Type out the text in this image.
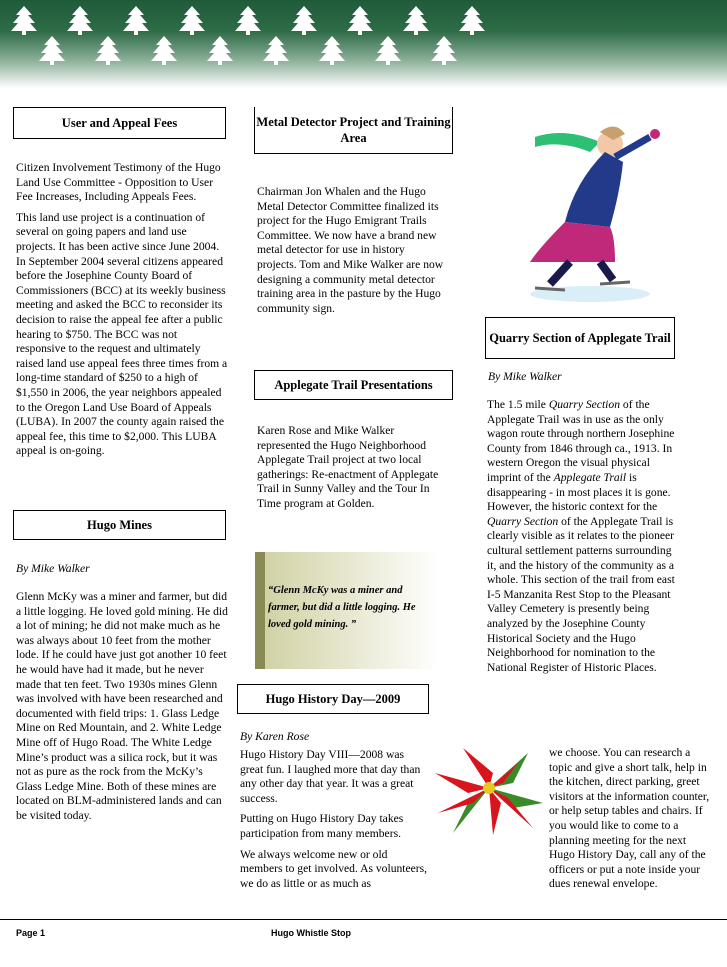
User and Appeal Fees

Citizen Involvement Testimony of the Hugo Land Use Committee - Opposition to User Fee Increases, Including Appeals Fees.

This land use project is a continuation of several on going papers and land use projects. It has been active since June 2004. In September 2004 several citizens appeared before the Josephine County Board of Commissioners (BCC) at its weekly business meeting and asked the BCC to reconsider its decision to raise the appeal fee after a public hearing to $750. The BCC was not responsive to the request and ultimately raised land use appeal fees three times from a long-time standard of $250 to a high of $1,550 in 2006, the year neighbors appealed to the Oregon Land Use Board of Appeals (LUBA). In 2007 the county again raised the appeal fee, this time to $2,000. This LUBA appeal is on-going.

Hugo Mines
By Mike Walker

Glenn McKy was a miner and farmer, but did a little logging. He loved gold mining. He did a lot of mining; he did not make much as he was always about 10 feet from the mother lode. If he could have just got another 10 feet he would have had it made, but he never made that ten feet. Two 1930s mines Glenn was involved with have been researched and documented with field trips: 1. Glass Ledge Mine on Red Mountain, and 2. White Ledge Mine off of Hugo Road. The White Ledge Mine’s product was a silica rock, but it was not as pure as the rock from the McKy’s Glass Ledge Mine. Both of these mines are located on BLM-administered lands and can be visited today.

Metal Detector Project and Training Area

Chairman Jon Whalen and the Hugo Metal Detector Committee finalized its project for the Hugo Emigrant Trails Committee. We now have a brand new metal detector for use in history projects. Tom and Mike Walker are now designing a community metal detector training area in the pasture by the Hugo community sign.

Applegate Trail Presentations

Karen Rose and Mike Walker represented the Hugo Neighborhood Applegate Trail project at two local gatherings: Re-enactment of Applegate Trail in Sunny Valley and the Tour In Time program at Golden.

“Glenn McKy was a miner and farmer, but did a little logging. He loved gold mining. ”
Hugo History Day—2009
By Karen Rose

Hugo History Day VIII—2008 was great fun. I laughed more that day than any other day that year. It was a great success.

Putting on Hugo History Day takes participation from many members.

We always welcome new or old members to get involved. As volunteers, we do as little or as much as

Quarry Section of Applegate Trail
By Mike Walker

The 1.5 mile Quarry Section of the Applegate Trail was in use as the only wagon route through northern Josephine County from 1846 through ca., 1913. In western Oregon the visual physical imprint of the Applegate Trail is disappearing - in most places it is gone. However, the historic context for the Quarry Section of the Applegate Trail is clearly visible as it relates to the pioneer cultural settlement patterns surrounding it, and the history of the community as a whole. This section of the trail from east I-5 Manzanita Rest Stop to the Pleasant Valley Cemetery is presently being analyzed by the Josephine County Historical Society and the Hugo Neighborhood for nomination to the National Register of Historic Places.

we choose. You can research a topic and give a short talk, help in the kitchen, direct parking, greet visitors at the information counter, or help setup tables and chairs. If you would like to come to a planning meeting for the next Hugo History Day, call any of the officers or put a note inside your dues renewal envelope.

Page 1	Hugo Whistle Stop
